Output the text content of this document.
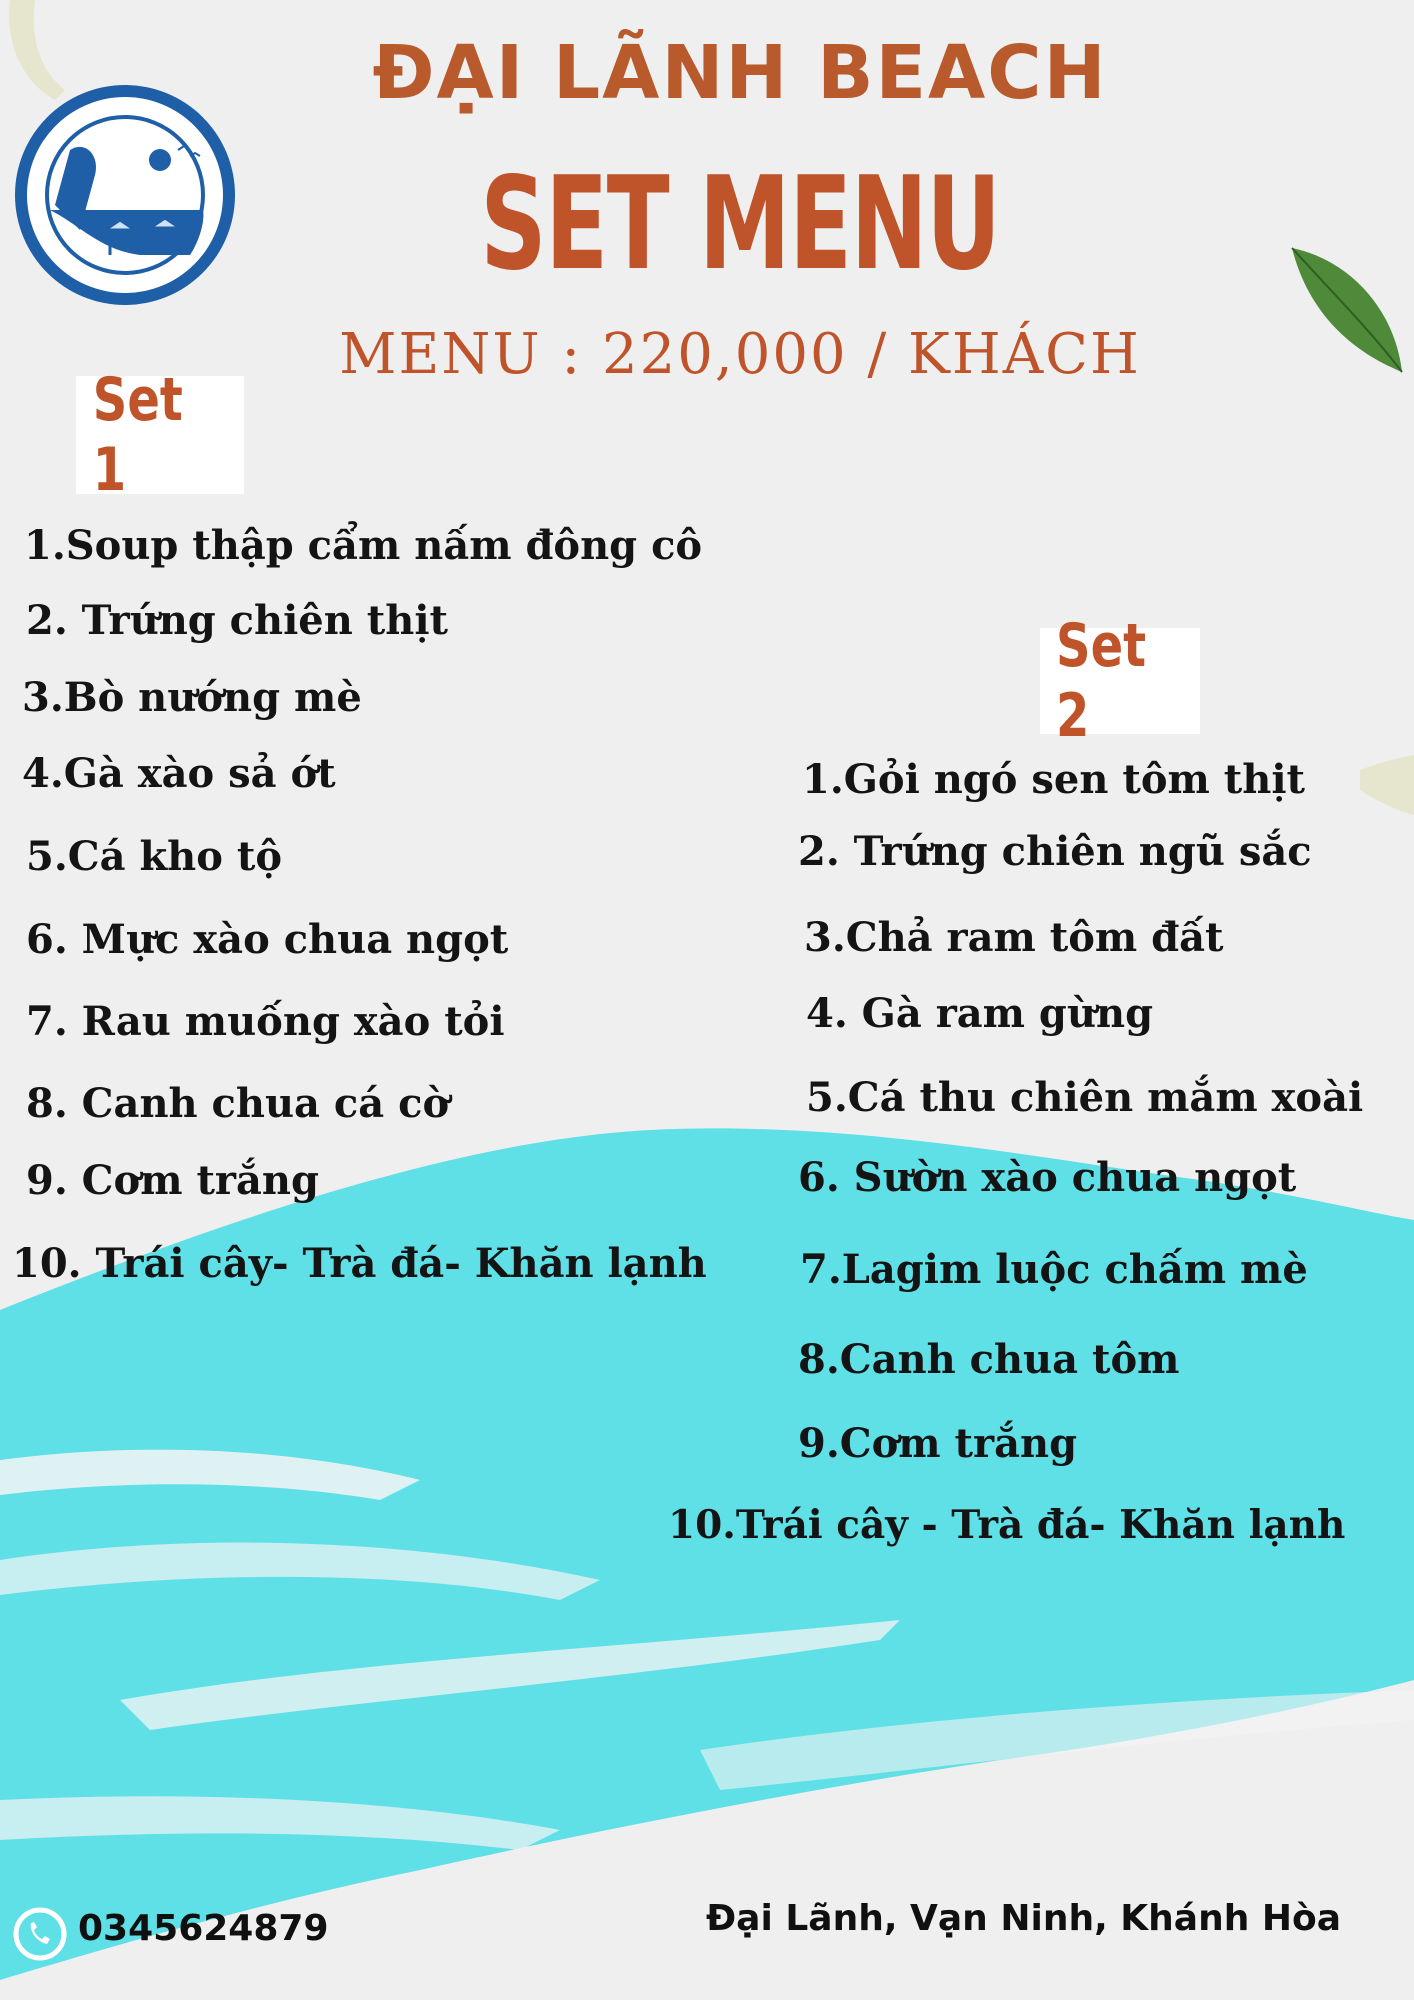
ĐẠI LÃNH BEACH
SET MENU
MENU : 220,000 / KHÁCH
Set 1
1.Soup thập cẩm nấm đông cô
2. Trứng chiên thịt
3.Bò nướng mè
4.Gà xào sả ớt
5.Cá kho tộ
6. Mực xào chua ngọt
7. Rau muống xào tỏi
8. Canh chua cá cờ
9. Cơm trắng
10. Trái cây- Trà đá- Khăn lạnh
Set 2
1.Gỏi ngó sen tôm thịt
2. Trứng chiên ngũ sắc
3.Chả ram tôm đất
4. Gà ram gừng
5.Cá thu chiên mắm xoài
6. Sườn xào chua ngọt
7.Lagim luộc chấm mè
8.Canh chua tôm
9.Cơm trắng
10.Trái cây - Trà đá- Khăn lạnh
0345624879	Đại Lãnh, Vạn Ninh, Khánh Hòa
